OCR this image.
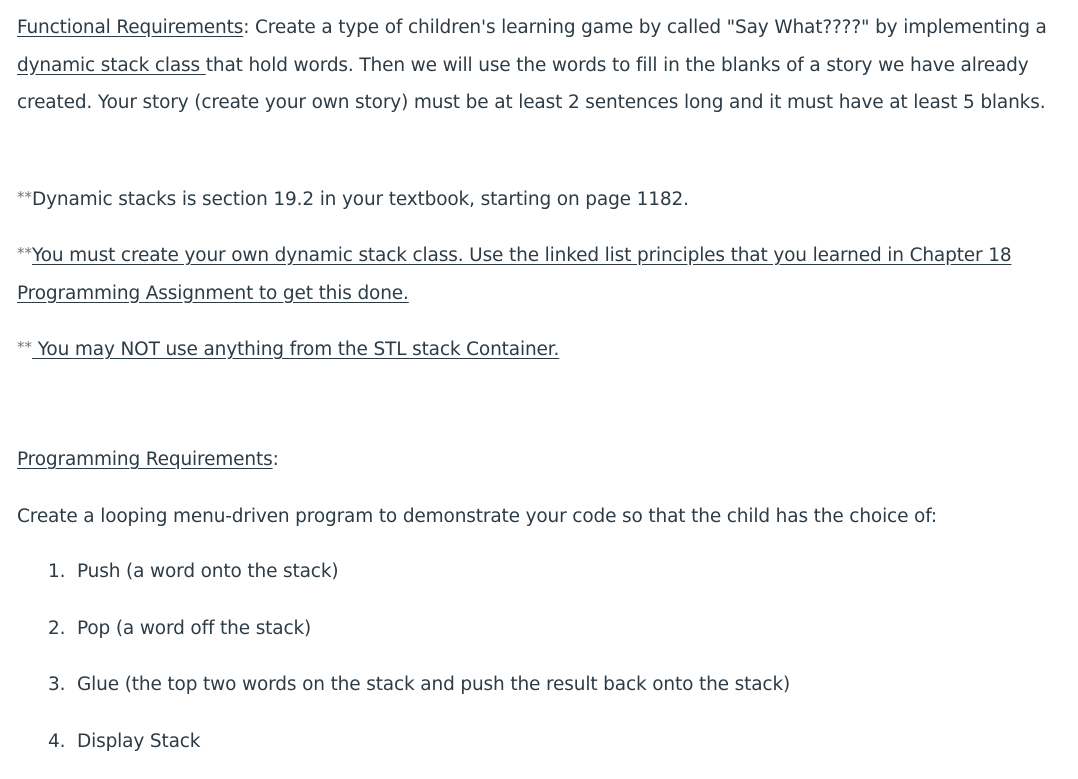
Functional Requirements: Create a type of children's learning game by called "Say What????" by implementing a dynamic stack class that hold words. Then we will use the words to fill in the blanks of a story we have already created. Your story (create your own story) must be at least 2 sentences long and it must have at least 5 blanks.

**Dynamic stacks is section 19.2 in your textbook, starting on page 1182.

**You must create your own dynamic stack class. Use the linked list principles that you learned in Chapter 18 Programming Assignment to get this done.

** You may NOT use anything from the STL stack Container.

Programming Requirements:

Create a looping menu-driven program to demonstrate your code so that the child has the choice of:

1. Push (a word onto the stack)
2. Pop (a word off the stack)
3. Glue (the top two words on the stack and push the result back onto the stack)
4. Display Stack
